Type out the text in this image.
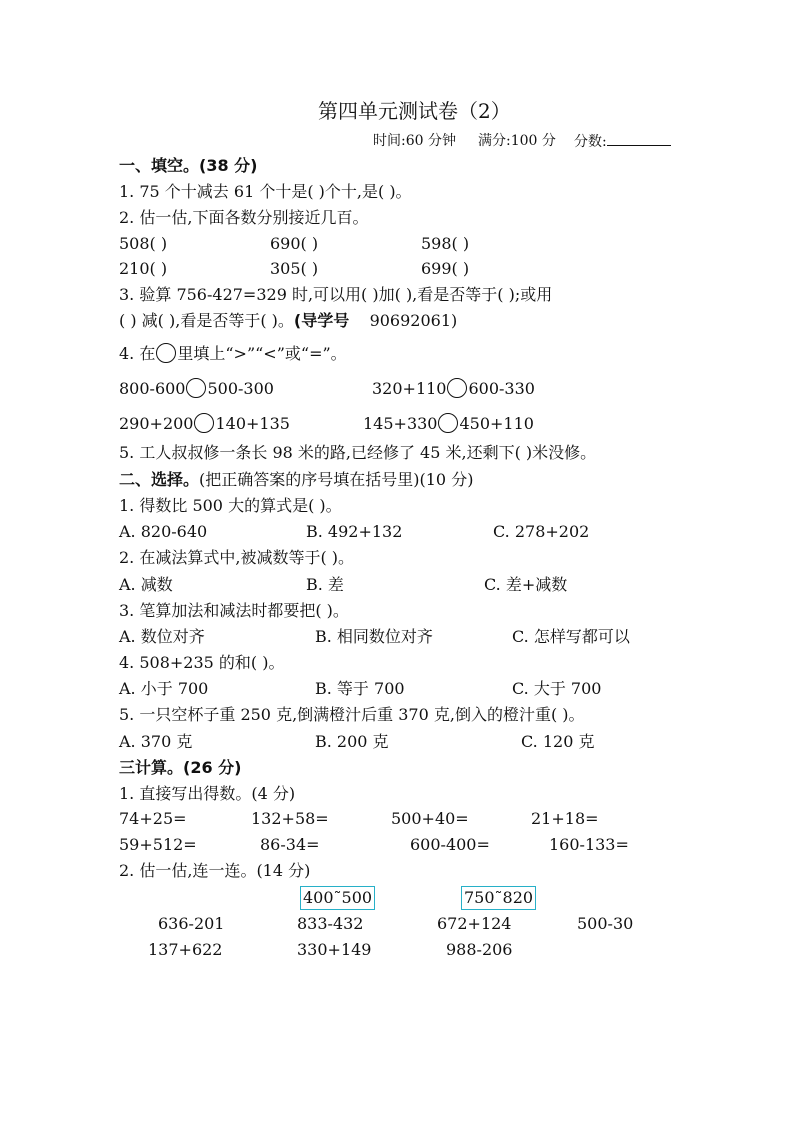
第四单元测试卷（2）
时间:60 分钟 满分:100 分 分数:
一、填空。(38 分)
1. 75 个十减去 61 个十是( )个十,是( )。
2. 估一估,下面各数分别接近几百。
508( )	690( )	598( )
210( )	305( )	699( )
3. 验算 756-427=329 时,可以用( )加( ),看是否等于( );或用
( ) 减( ),看是否等于( )。(导学号 90692061)
4. 在 里填上“>”“<”或“=”。
800-600 500-300	320+110 600-330
290+200 140+135	145+330 450+110
5. 工人叔叔修一条长 98 米的路,已经修了 45 米,还剩下( )米没修。
二、选择。(把正确答案的序号填在括号里)(10 分)
1. 得数比 500 大的算式是( )。
A. 820-640	B. 492+132	C. 278+202
2. 在减法算式中,被减数等于( )。
A. 减数	B. 差	C. 差+减数
3. 笔算加法和减法时都要把( )。
A. 数位对齐	B. 相同数位对齐	C. 怎样写都可以
4. 508+235 的和( )。
A. 小于 700	B. 等于 700	C. 大于 700
5. 一只空杯子重 250 克,倒满橙汁后重 370 克,倒入的橙汁重( )。
A. 370 克	B. 200 克	C. 120 克
三计算。(26 分)
1. 直接写出得数。(4 分)
74+25=	132+58=	500+40=	21+18=
59+512=	86-34=	600-400=	160-133=
2. 估一估,连一连。(14 分)
400˜500	750˜820
636-201	833-432	672+124	500-30
137+622	330+149	988-206
